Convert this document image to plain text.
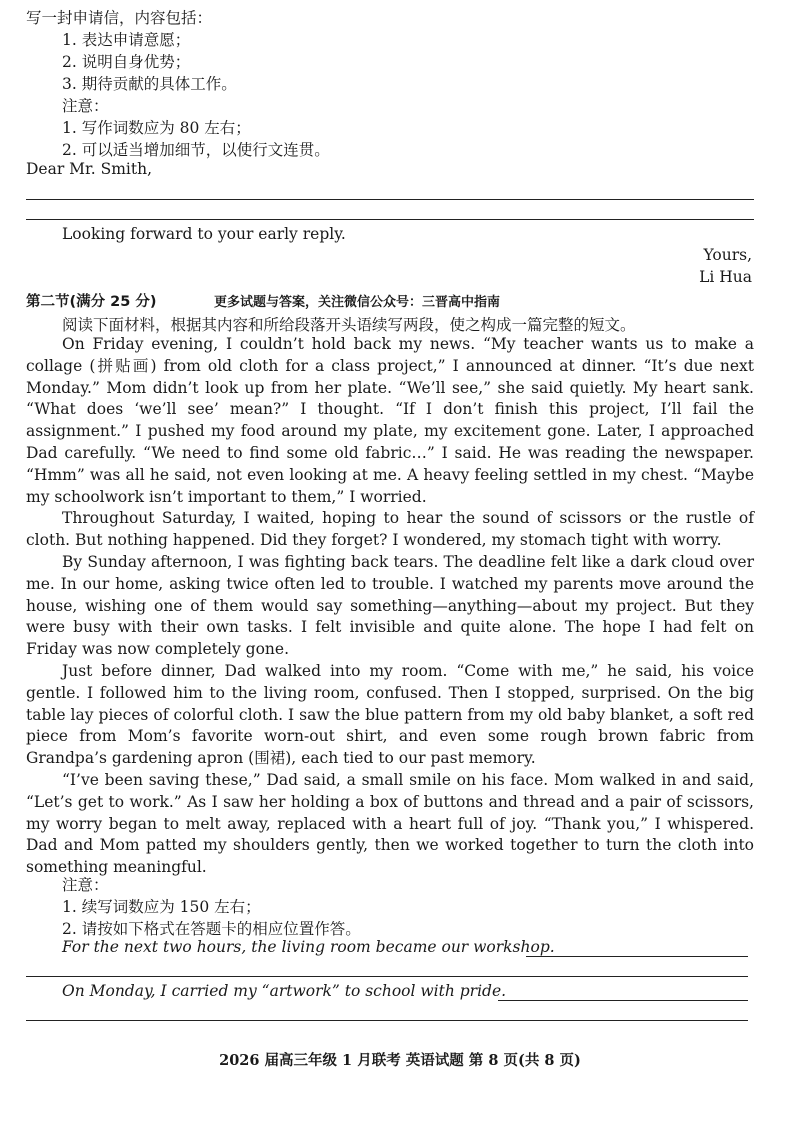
写一封申请信，内容包括：
1. 表达申请意愿；
2. 说明自身优势；
3. 期待贡献的具体工作。
注意：
1. 写作词数应为 80 左右；
2. 可以适当增加细节，以使行文连贯。
Dear Mr. Smith,
Looking forward to your early reply.
Yours,
Li Hua
第二节(满分 25 分)	更多试题与答案，关注微信公众号：三晋高中指南
阅读下面材料，根据其内容和所给段落开头语续写两段，使之构成一篇完整的短文。

On Friday evening, I couldn’t hold back my news. “My teacher wants us to make a collage (拼贴画) from old cloth for a class project,” I announced at dinner. “It’s due next Monday.” Mom didn’t look up from her plate. “We’ll see,” she said quietly. My heart sank. “What does ‘we’ll see’ mean?” I thought. “If I don’t finish this project, I’ll fail the assignment.” I pushed my food around my plate, my excitement gone. Later, I approached Dad carefully. “We need to find some old fabric…” I said. He was reading the newspaper. “Hmm” was all he said, not even looking at me. A heavy feeling settled in my chest. “Maybe my schoolwork isn’t important to them,” I worried.

Throughout Saturday, I waited, hoping to hear the sound of scissors or the rustle of cloth. But nothing happened. Did they forget? I wondered, my stomach tight with worry.

By Sunday afternoon, I was fighting back tears. The deadline felt like a dark cloud over me. In our home, asking twice often led to trouble. I watched my parents move around the house, wishing one of them would say something—anything—about my project. But they were busy with their own tasks. I felt invisible and quite alone. The hope I had felt on Friday was now completely gone.

Just before dinner, Dad walked into my room. “Come with me,” he said, his voice gentle. I followed him to the living room, confused. Then I stopped, surprised. On the big table lay pieces of colorful cloth. I saw the blue pattern from my old baby blanket, a soft red piece from Mom’s favorite worn-out shirt, and even some rough brown fabric from Grandpa’s gardening apron (围裙), each tied to our past memory.

“I’ve been saving these,” Dad said, a small smile on his face. Mom walked in and said, “Let’s get to work.” As I saw her holding a box of buttons and thread and a pair of scissors, my worry began to melt away, replaced with a heart full of joy. “Thank you,” I whispered. Dad and Mom patted my shoulders gently, then we worked together to turn the cloth into something meaningful.

注意：
1. 续写词数应为 150 左右；
2. 请按如下格式在答题卡的相应位置作答。
For the next two hours, the living room became our workshop.
On Monday, I carried my “artwork” to school with pride.
2026 届高三年级 1 月联考 英语试题 第 8 页(共 8 页)
